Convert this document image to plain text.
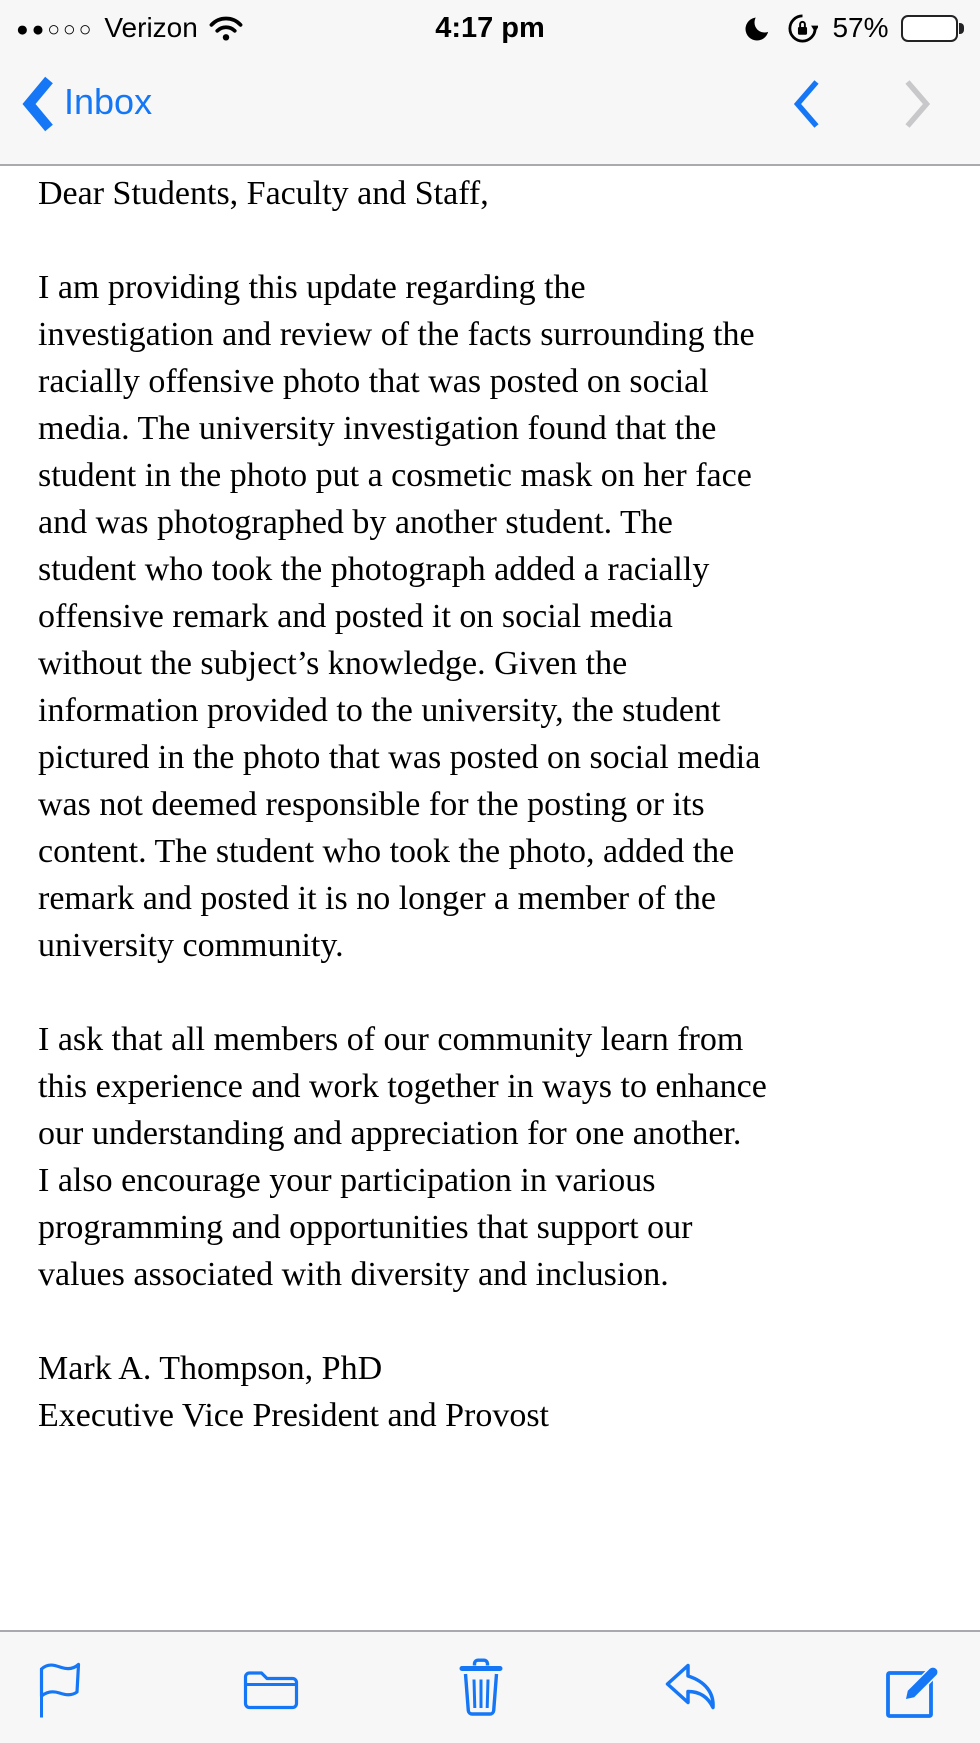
●●○○○ Verizon	4:17 pm	57%
Inbox
Dear Students, Faculty and Staff,
I am providing this update regarding the
investigation and review of the facts surrounding the
racially offensive photo that was posted on social
media. The university investigation found that the
student in the photo put a cosmetic mask on her face
and was photographed by another student. The
student who took the photograph added a racially
offensive remark and posted it on social media
without the subject’s knowledge. Given the
information provided to the university, the student
pictured in the photo that was posted on social media
was not deemed responsible for the posting or its
content. The student who took the photo, added the
remark and posted it is no longer a member of the
university community.
I ask that all members of our community learn from
this experience and work together in ways to enhance
our understanding and appreciation for one another.
I also encourage your participation in various
programming and opportunities that support our
values associated with diversity and inclusion.
Mark A. Thompson, PhD
Executive Vice President and Provost
